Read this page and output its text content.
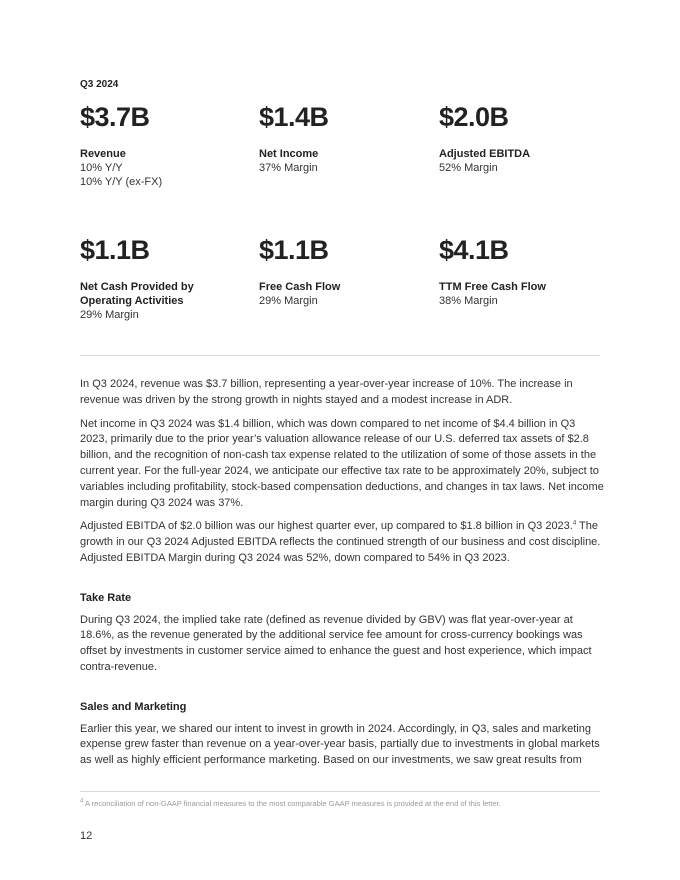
Q3 2024
$3.7B
Revenue
10% Y/Y
10% Y/Y (ex-FX)
$1.4B
Net Income
37% Margin
$2.0B
Adjusted EBITDA
52% Margin
$1.1B
Net Cash Provided by Operating Activities
29% Margin
$1.1B
Free Cash Flow
29% Margin
$4.1B
TTM Free Cash Flow
38% Margin

In Q3 2024, revenue was $3.7 billion, representing a year-over-year increase of 10%. The increase in revenue was driven by the strong growth in nights stayed and a modest increase in ADR.

Net income in Q3 2024 was $1.4 billion, which was down compared to net income of $4.4 billion in Q3 2023, primarily due to the prior year’s valuation allowance release of our U.S. deferred tax assets of $2.8 billion, and the recognition of non-cash tax expense related to the utilization of some of those assets in the current year. For the full-year 2024, we anticipate our effective tax rate to be approximately 20%, subject to variables including profitability, stock-based compensation deductions, and changes in tax laws. Net income margin during Q3 2024 was 37%.

Adjusted EBITDA of $2.0 billion was our highest quarter ever, up compared to $1.8 billion in Q3 2023.$^4$ The growth in our Q3 2024 Adjusted EBITDA reflects the continued strength of our business and cost discipline. Adjusted EBITDA Margin during Q3 2024 was 52%, down compared to 54% in Q3 2023.

Take Rate

During Q3 2024, the implied take rate (defined as revenue divided by GBV) was flat year-over-year at 18.6%, as the revenue generated by the additional service fee amount for cross-currency bookings was offset by investments in customer service aimed to enhance the guest and host experience, which impact contra-revenue.

Sales and Marketing

Earlier this year, we shared our intent to invest in growth in 2024. Accordingly, in Q3, sales and marketing expense grew faster than revenue on a year-over-year basis, partially due to investments in global markets as well as highly efficient performance marketing. Based on our investments, we saw great results from

$^4$ A reconciliation of non-GAAP financial measures to the most comparable GAAP measures is provided at the end of this letter.
12
